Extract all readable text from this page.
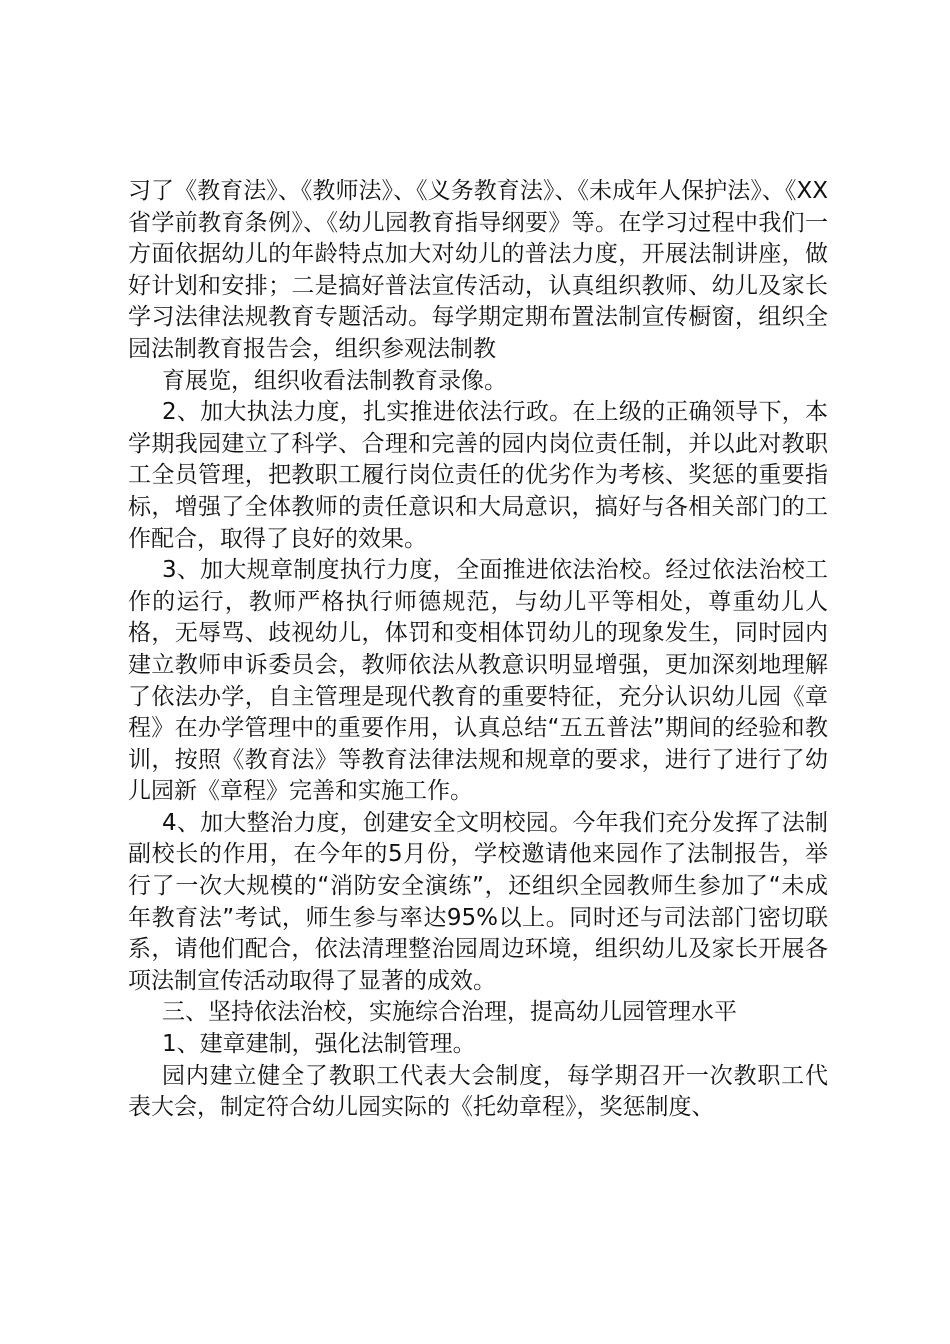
习了《教育法》、《教师法》、《义务教育法》、《未成年人保护法》、《XX省学前教育条例》、《幼儿园教育指导纲要》等。在学习过程中我们一方面依据幼儿的年龄特点加大对幼儿的普法力度，开展法制讲座，做好计划和安排；二是搞好普法宣传活动，认真组织教师、幼儿及家长学习法律法规教育专题活动。每学期定期布置法制宣传橱窗，组织全园法制教育报告会，组织参观法制教

育展览，组织收看法制教育录像。

2、加大执法力度，扎实推进依法行政。在上级的正确领导下，本学期我园建立了科学、合理和完善的园内岗位责任制，并以此对教职工全员管理，把教职工履行岗位责任的优劣作为考核、奖惩的重要指标，增强了全体教师的责任意识和大局意识，搞好与各相关部门的工作配合，取得了良好的效果。

3、加大规章制度执行力度，全面推进依法治校。经过依法治校工作的运行，教师严格执行师德规范，与幼儿平等相处，尊重幼儿人格，无辱骂、歧视幼儿，体罚和变相体罚幼儿的现象发生，同时园内建立教师申诉委员会，教师依法从教意识明显增强，更加深刻地理解了依法办学，自主管理是现代教育的重要特征，充分认识幼儿园《章程》在办学管理中的重要作用，认真总结“五五普法”期间的经验和教训，按照《教育法》等教育法律法规和规章的要求，进行了进行了幼儿园新《章程》完善和实施工作。

4、加大整治力度，创建安全文明校园。今年我们充分发挥了法制副校长的作用，在今年的5月份，学校邀请他来园作了法制报告，举行了一次大规模的“消防安全演练”，还组织全园教师生参加了“未成年教育法”考试，师生参与率达95%以上。同时还与司法部门密切联系，请他们配合，依法清理整治园周边环境，组织幼儿及家长开展各项法制宣传活动取得了显著的成效。

三、坚持依法治校，实施综合治理，提高幼儿园管理水平

1、建章建制，强化法制管理。

园内建立健全了教职工代表大会制度，每学期召开一次教职工代表大会，制定符合幼儿园实际的《托幼章程》，奖惩制度、
